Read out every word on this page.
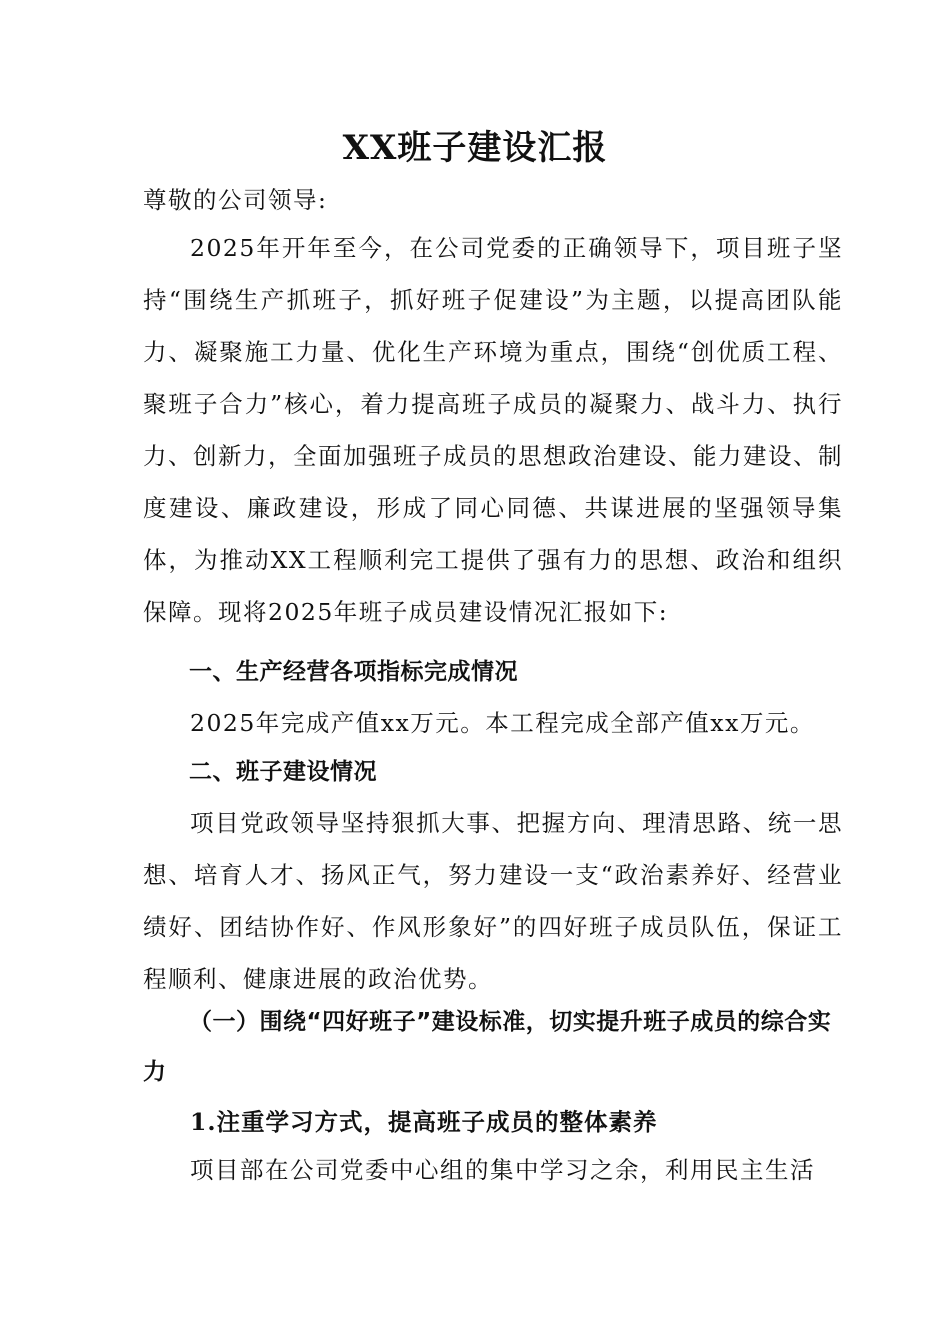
XX班子建设汇报
尊敬的公司领导:

2025年开年至今，在公司党委的正确领导下，项目班子坚持“围绕生产抓班子，抓好班子促建设”为主题，以提高团队能力、凝聚施工力量、优化生产环境为重点，围绕“创优质工程、聚班子合力”核心，着力提高班子成员的凝聚力、战斗力、执行力、创新力，全面加强班子成员的思想政治建设、能力建设、制度建设、廉政建设，形成了同心同德、共谋进展的坚强领导集体，为推动XX工程顺利完工提供了强有力的思想、政治和组织保障。现将2025年班子成员建设情况汇报如下:

一、生产经营各项指标完成情况

2025年完成产值xx万元。本工程完成全部产值xx万元。

二、班子建设情况

项目党政领导坚持狠抓大事、把握方向、理清思路、统一思想、培育人才、扬风正气，努力建设一支“政治素养好、经营业绩好、团结协作好、作风形象好”的四好班子成员队伍，保证工程顺利、健康进展的政治优势。

（一）围绕“四好班子”建设标准，切实提升班子成员的综合实力
1.注重学习方式，提高班子成员的整体素养

项目部在公司党委中心组的集中学习之余，利用民主生活
